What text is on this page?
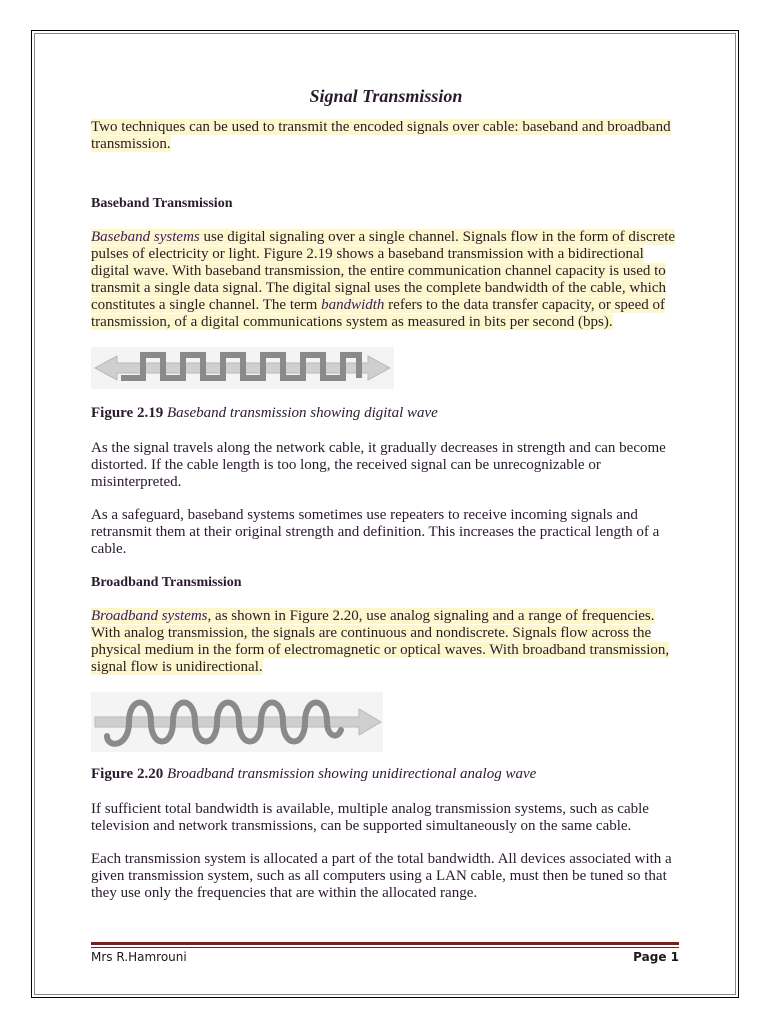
Signal Transmission

Two techniques can be used to transmit the encoded signals over cable: baseband and broadband transmission.

Baseband Transmission

Baseband systems use digital signaling over a single channel. Signals flow in the form of discrete pulses of electricity or light. Figure 2.19 shows a baseband transmission with a bidirectional digital wave. With baseband transmission, the entire communication channel capacity is used to transmit a single data signal. The digital signal uses the complete bandwidth of the cable, which constitutes a single channel. The term bandwidth refers to the data transfer capacity, or speed of transmission, of a digital communications system as measured in bits per second (bps).

Figure 2.19 Baseband transmission showing digital wave

As the signal travels along the network cable, it gradually decreases in strength and can become distorted. If the cable length is too long, the received signal can be unrecognizable or misinterpreted.

As a safeguard, baseband systems sometimes use repeaters to receive incoming signals and retransmit them at their original strength and definition. This increases the practical length of a cable.

Broadband Transmission

Broadband systems, as shown in Figure 2.20, use analog signaling and a range of frequencies. With analog transmission, the signals are continuous and nondiscrete. Signals flow across the physical medium in the form of electromagnetic or optical waves. With broadband transmission, signal flow is unidirectional.

Figure 2.20 Broadband transmission showing unidirectional analog wave

If sufficient total bandwidth is available, multiple analog transmission systems, such as cable television and network transmissions, can be supported simultaneously on the same cable.

Each transmission system is allocated a part of the total bandwidth. All devices associated with a given transmission system, such as all computers using a LAN cable, must then be tuned so that they use only the frequencies that are within the allocated range.

Mrs R.Hamrouni	Page 1
